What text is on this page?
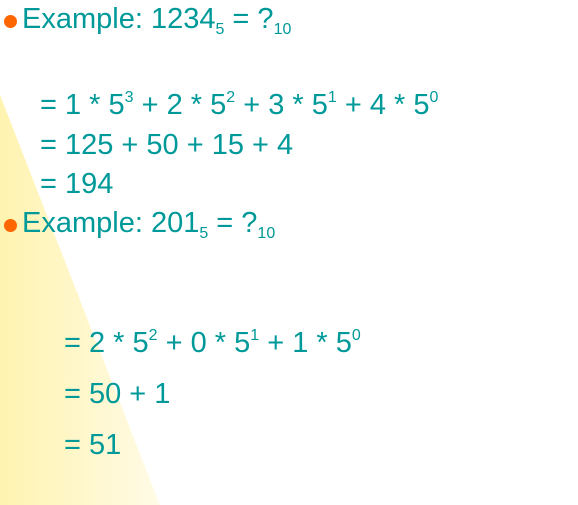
Example: $1234_5$ = $?_{10}$
= $1 * 5^3 + 2 * 5^2 + 3 * 5^1 + 4 * 5^0$
= 125 + 50 + 15 + 4
= 194
Example: $201_5$ = $?_{10}$
= $2 * 5^2 + 0 * 5^1 + 1 * 5^0$
= 50 + 1
= 51
